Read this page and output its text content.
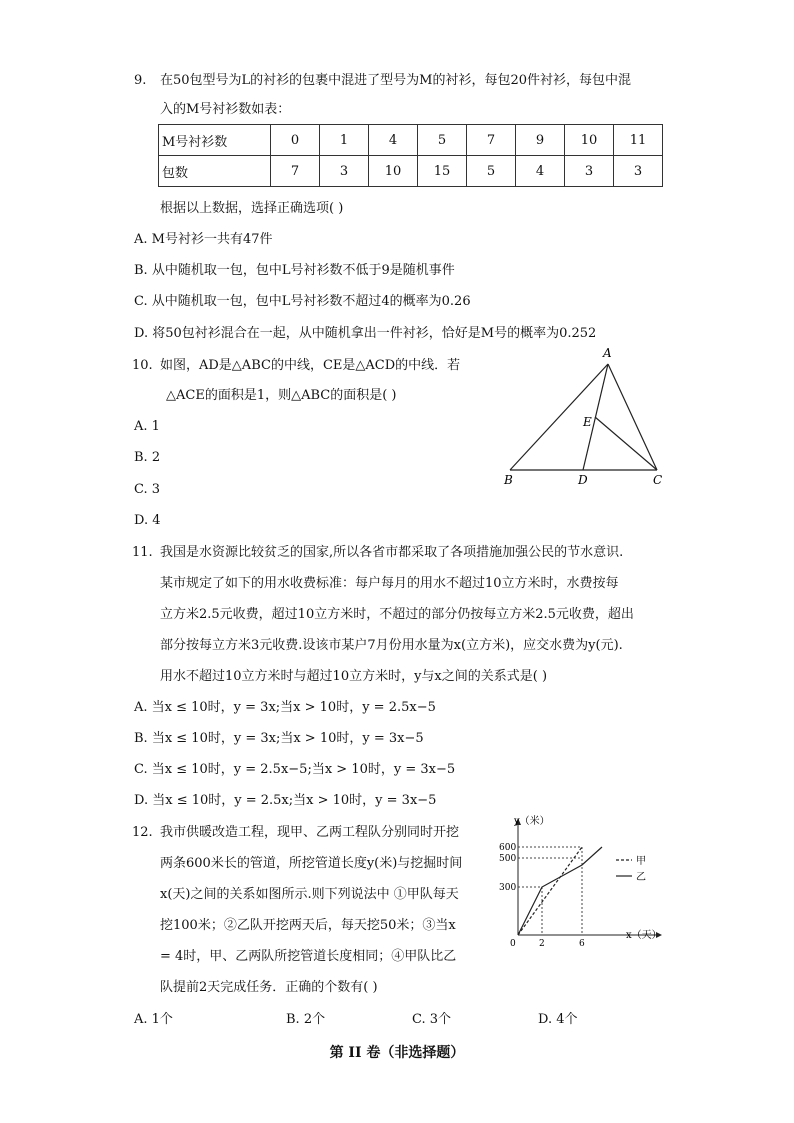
9. 在50包型号为L的衬衫的包裹中混进了型号为M的衬衫，每包20件衬衫，每包中混
入的M号衬衫数如表：
M号衬衫数	0	1	4	5	7	9	10	11
包数	7	3	10	15	5	4	3	3
根据以上数据，选择正确选项( )
A. M号衬衫一共有47件
B. 从中随机取一包，包中L号衬衫数不低于9是随机事件
C. 从中随机取一包，包中L号衬衫数不超过4的概率为0.26
D. 将50包衬衫混合在一起，从中随机拿出一件衬衫，恰好是M号的概率为0.252
10. 如图，AD是△ABC的中线，CE是△ACD的中线．若
△ACE的面积是1，则△ABC的面积是( )
A. 1
B. 2
C. 3
D. 4
A
B	D	C
E
11. 我国是水资源比较贫乏的国家,所以各省市都采取了各项措施加强公民的节水意识.
某市规定了如下的用水收费标准：每户每月的用水不超过10立方米时，水费按每
立方米2.5元收费，超过10立方米时，不超过的部分仍按每立方米2.5元收费，超出
部分按每立方米3元收费.设该市某户7月份用水量为x(立方米)，应交水费为y(元).
用水不超过10立方米时与超过10立方米时，y与x之间的关系式是( )
A. 当x ≤ 10时，y = 3x;当x > 10时，y = 2.5x−5
B. 当x ≤ 10时，y = 3x;当x > 10时，y = 3x−5
C. 当x ≤ 10时，y = 2.5x−5;当x > 10时，y = 3x−5
D. 当x ≤ 10时，y = 2.5x;当x > 10时，y = 3x−5
12. 我市供暖改造工程，现甲、乙两工程队分别同时开挖
两条600米长的管道，所挖管道长度y(米)与挖掘时间
x(天)之间的关系如图所示.则下列说法中 ①甲队每天
挖100米；②乙队开挖两天后，每天挖50米；③当x
= 4时，甲、乙两队所挖管道长度相同；④甲队比乙
队提前2天完成任务．正确的个数有( )
600
500
300
0	2	6
y（米）
x（天）
甲
乙
A. 1个	B. 2个	C. 3个	D. 4个
第 II 卷（非选择题）
